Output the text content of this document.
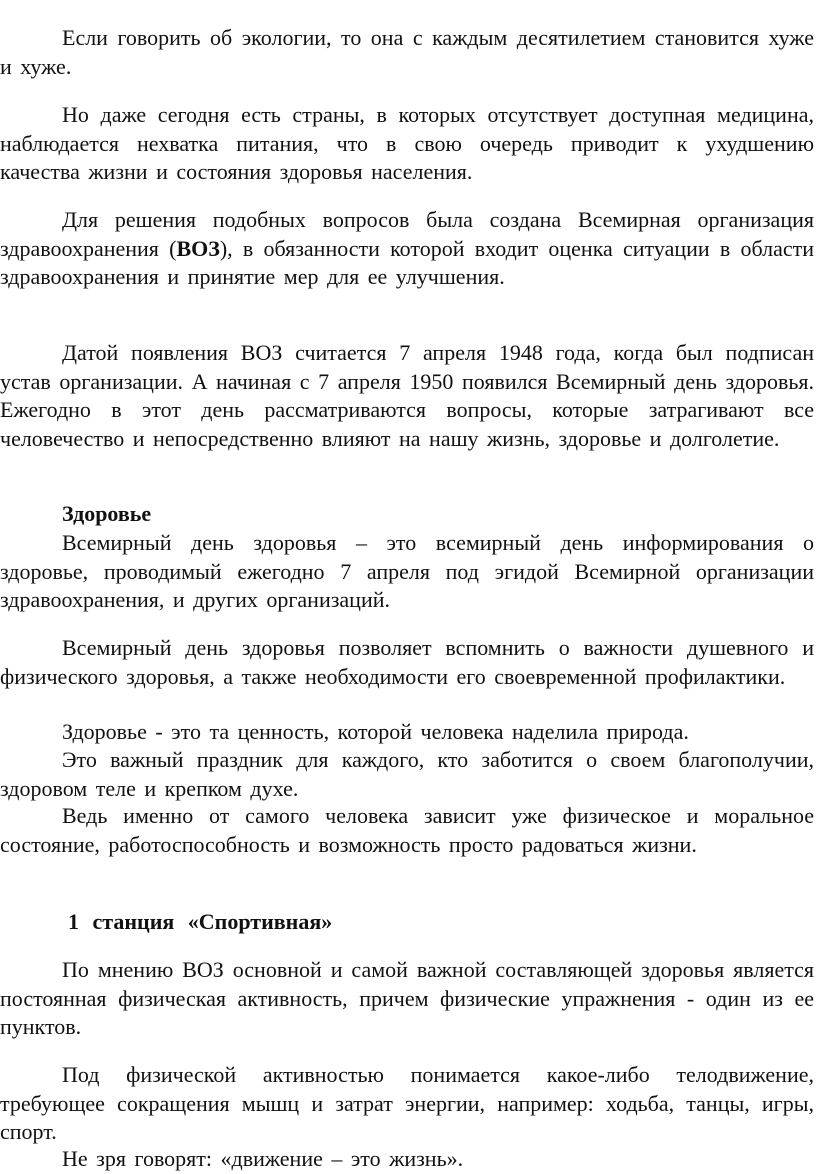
Если говорить об экологии, то она с каждым десятилетием становится хуже и хуже.

Но даже сегодня есть страны, в которых отсутствует доступная медицина, наблюдается нехватка питания, что в свою очередь приводит к ухудшению качества жизни и состояния здоровья населения.

Для решения подобных вопросов была создана Всемирная организация здравоохранения (ВОЗ), в обязанности которой входит оценка ситуации в области здравоохранения и принятие мер для ее улучшения.

Датой появления ВОЗ считается 7 апреля 1948 года, когда был подписан устав организации. А начиная с 7 апреля 1950 появился Всемирный день здоровья. Ежегодно в этот день рассматриваются вопросы, которые затрагивают все человечество и непосредственно влияют на нашу жизнь, здоровье и долголетие.

Здоровье

Всемирный день здоровья – это всемирный день информирования о здоровье, проводимый ежегодно 7 апреля под эгидой Всемирной организации здравоохранения, и других организаций.

Всемирный день здоровья позволяет вспомнить о важности душевного и физического здоровья, а также необходимости его своевременной профилактики.

Здоровье - это та ценность, которой человека наделила природа.

Это важный праздник для каждого, кто заботится о своем благополучии, здоровом теле и крепком духе.

Ведь именно от самого человека зависит уже физическое и моральное состояние, работоспособность и возможность просто радоваться жизни.

1 станция «Спортивная»

По мнению ВОЗ основной и самой важной составляющей здоровья является постоянная физическая активность, причем физические упражнения - один из ее пунктов.

Под физической активностью понимается какое-либо телодвижение, требующее сокращения мышц и затрат энергии, например: ходьба, танцы, игры, спорт.

Не зря говорят: «движение – это жизнь».
